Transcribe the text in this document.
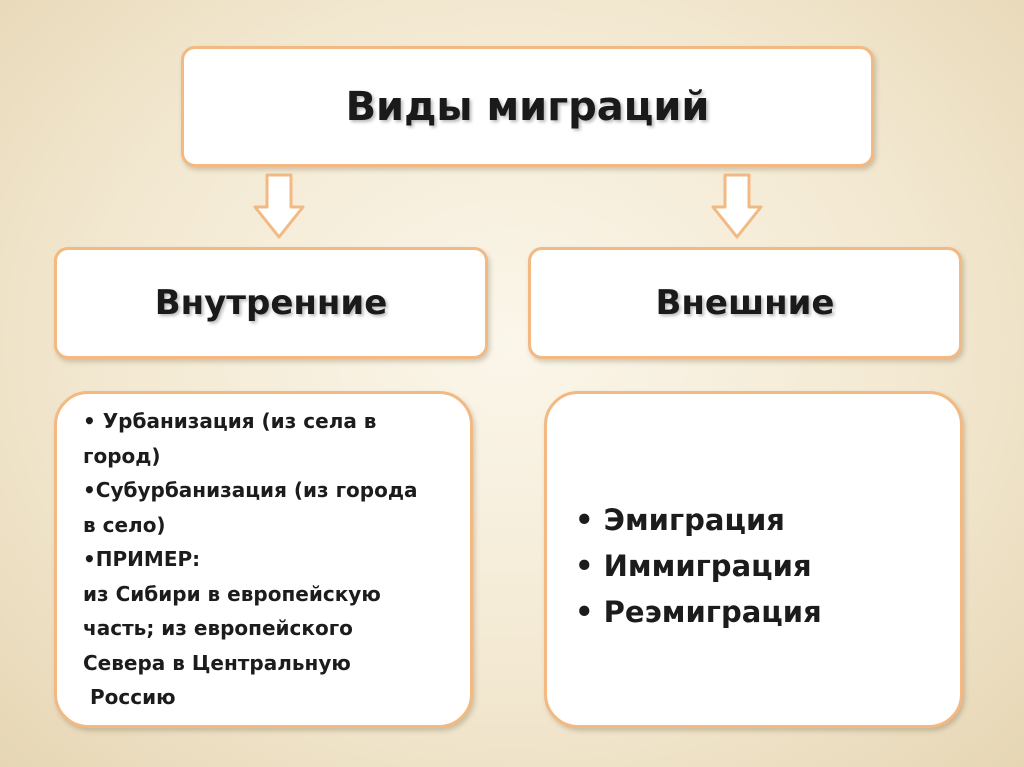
Виды миграций
Внутренние	Внешние

• Урбанизация (из села в

город)

•Субурбанизация (из города

в село)

•ПРИМЕР:

из Сибири в европейскую

часть; из европейского

Севера в Центральную

Россию

• Эмиграция

• Иммиграция

• Реэмиграция
